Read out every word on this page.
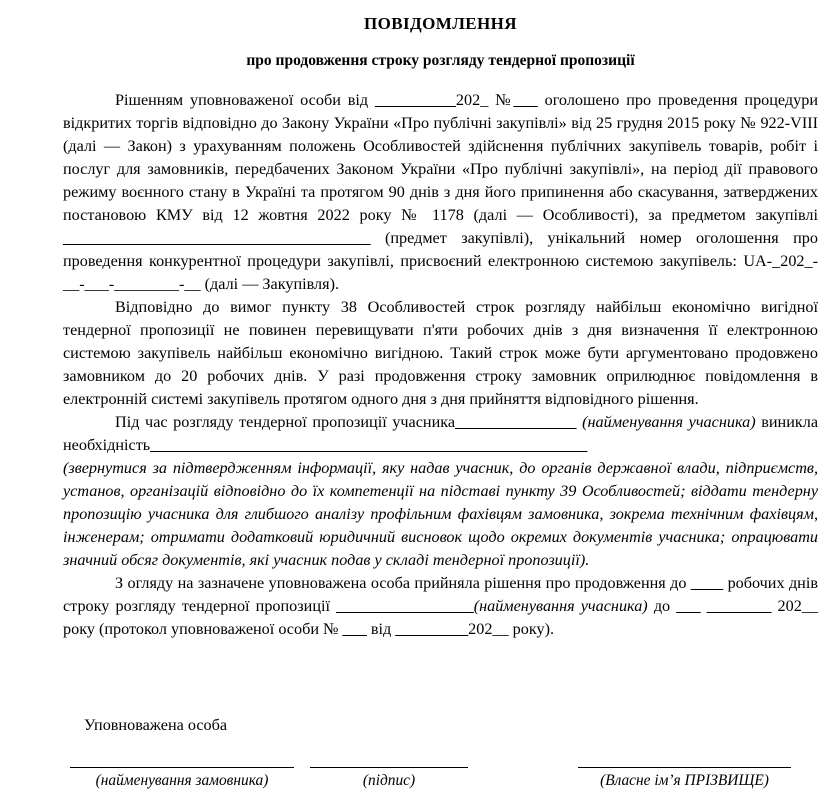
ПОВІДОМЛЕННЯ
про продовження строку розгляду тендерної пропозиції

Рішенням уповноваженої особи від __________202_ №___ оголошено про проведення процедури відкритих торгів відповідно до Закону України «Про публічні закупівлі» від 25 грудня 2015 року № 922-VIII (далі — Закон) з урахуванням положень Особливостей здійснення публічних закупівель товарів, робіт і послуг для замовників, передбачених Законом України «Про публічні закупівлі», на період дії правового режиму воєнного стану в Україні та протягом 90 днів з дня його припинення або скасування, затверджених постановою КМУ від 12 жовтня 2022 року № 1178 (далі — Особливості), за предметом закупівлі ______________________________________ (предмет закупівлі), унікальний номер оголошення про проведення конкурентної процедури закупівлі, присвоєний електронною системою закупівель: UA-_202_-__-___-________-__ (далі — Закупівля).

Відповідно до вимог пункту 38 Особливостей строк розгляду найбільш економічно вигідної тендерної пропозиції не повинен перевищувати п'яти робочих днів з дня визначення її електронною системою закупівель найбільш економічно вигідною. Такий строк може бути аргументовано продовжено замовником до 20 робочих днів. У разі продовження строку замовник оприлюднює повідомлення в електронній системі закупівель протягом одного дня з дня прийняття відповідного рішення.

Під час розгляду тендерної пропозиції учасника_______________ (найменування учасника) виникла необхідність______________________________________________________

(звернутися за підтвердженням інформації, яку надав учасник, до органів державної влади, підприємств, установ, організацій відповідно до їх компетенції на підставі пункту 39 Особливостей; віддати тендерну пропозицію учасника для глибшого аналізу профільним фахівцям замовника, зокрема технічним фахівцям, інженерам; отримати додатковий юридичний висновок щодо окремих документів учасника; опрацювати значний обсяг документів, які учасник подав у складі тендерної пропозиції).

З огляду на зазначене уповноважена особа прийняла рішення про продовження до ____ робочих днів строку розгляду тендерної пропозиції _________________(найменування учасника) до ___ ________ 202__ року (протокол уповноваженої особи № ___ від _________202__ року).

Уповноважена особа

(найменування замовника)	(підпис)	(Власне ім’я ПРІЗВИЩЕ)
